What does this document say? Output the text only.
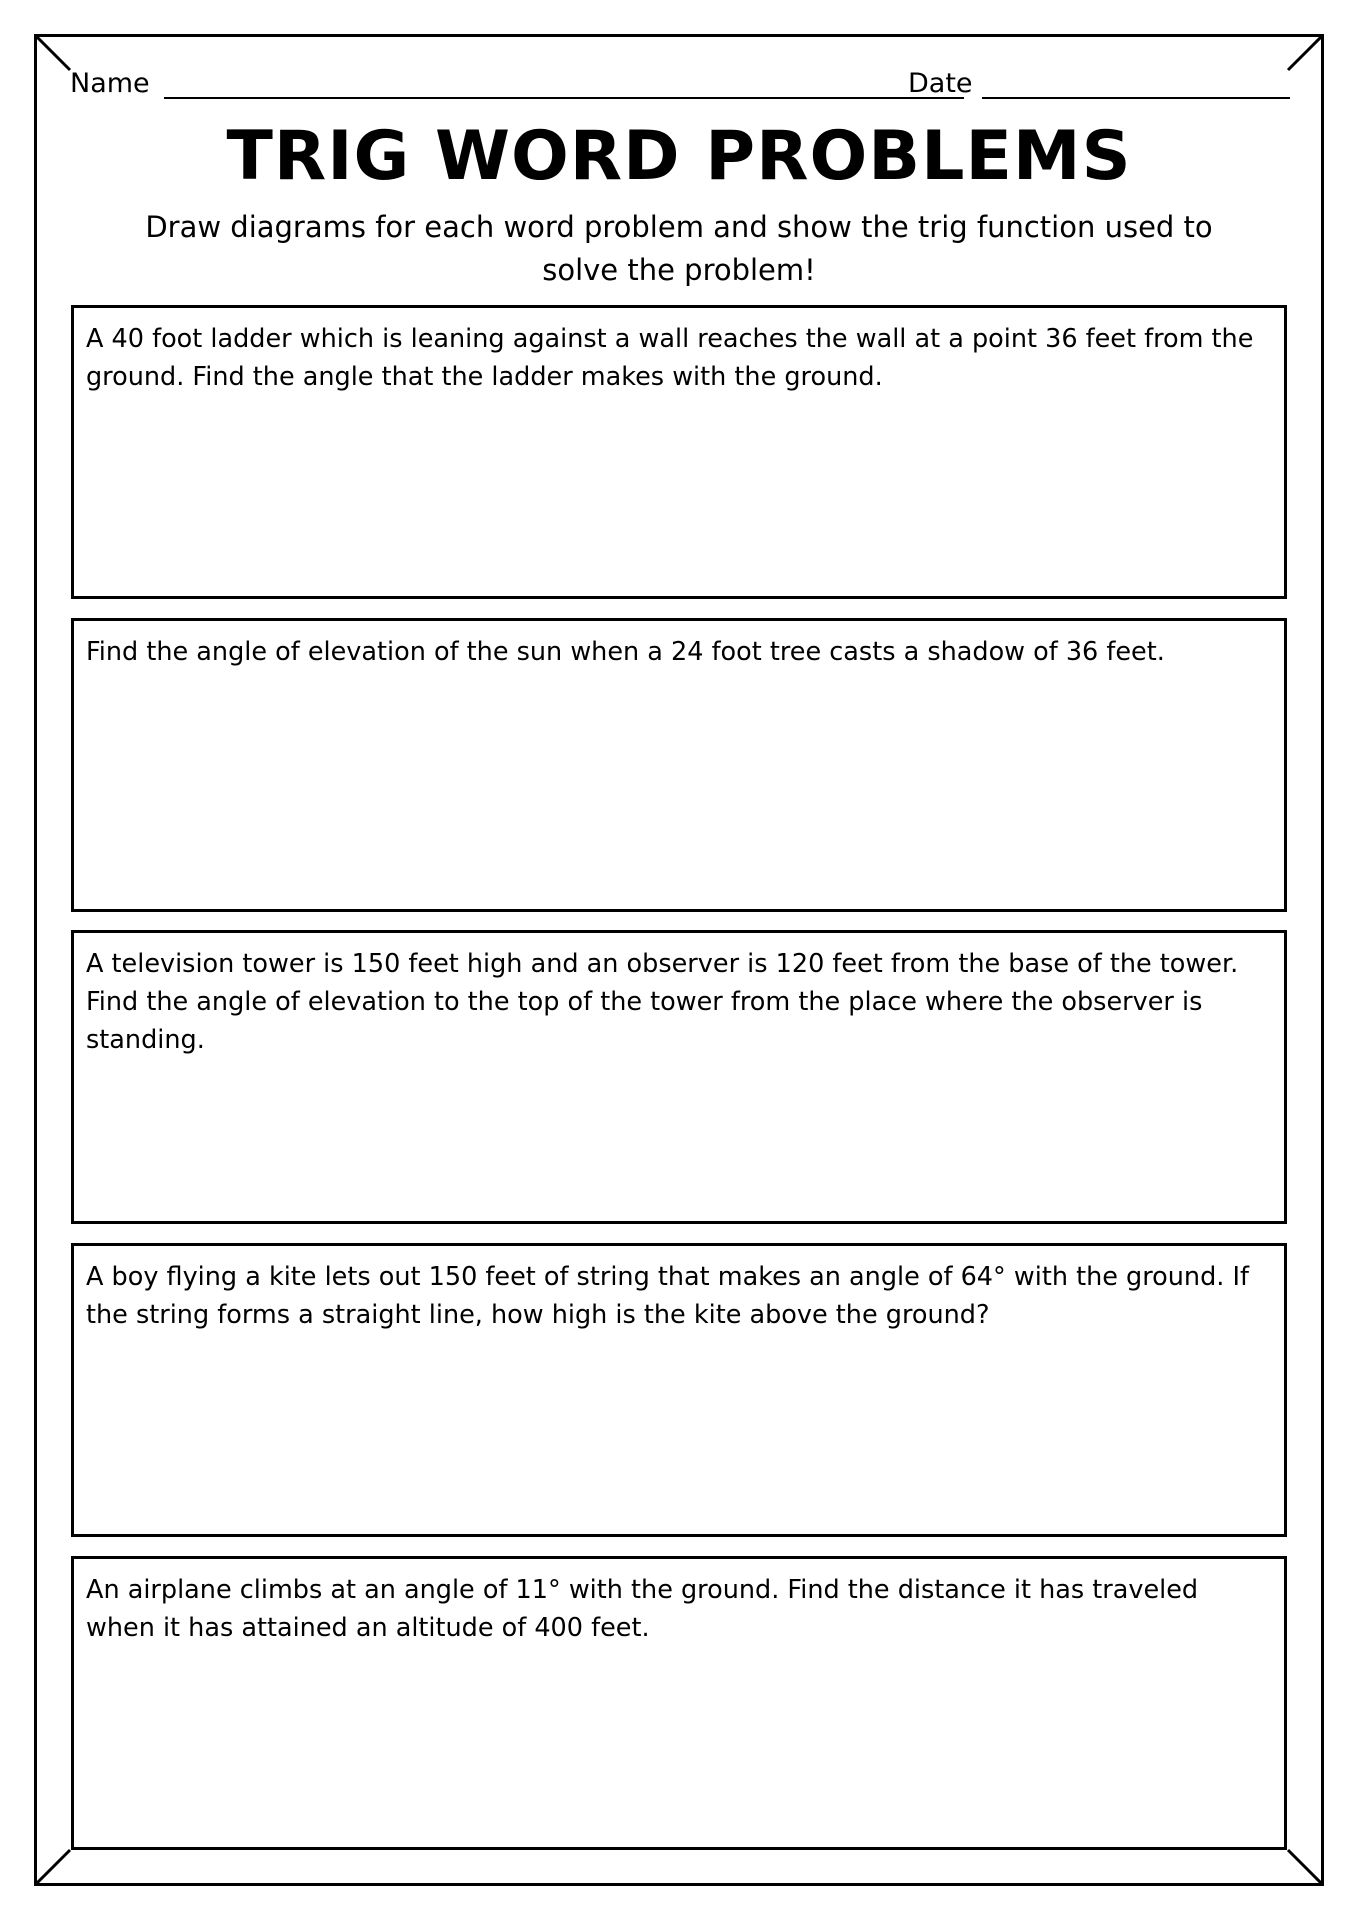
Name	Date
TRIG WORD PROBLEMS
Draw diagrams for each word problem and show the trig function used to solve the problem!
A 40 foot ladder which is leaning against a wall reaches the wall at a point 36 feet from the ground. Find the angle that the ladder makes with the ground.
Find the angle of elevation of the sun when a 24 foot tree casts a shadow of 36 feet.
A television tower is 150 feet high and an observer is 120 feet from the base of the tower. Find the angle of elevation to the top of the tower from the place where the observer is standing.
A boy flying a kite lets out 150 feet of string that makes an angle of 64° with the ground. If the string forms a straight line, how high is the kite above the ground?
An airplane climbs at an angle of 11° with the ground. Find the distance it has traveled when it has attained an altitude of 400 feet.
